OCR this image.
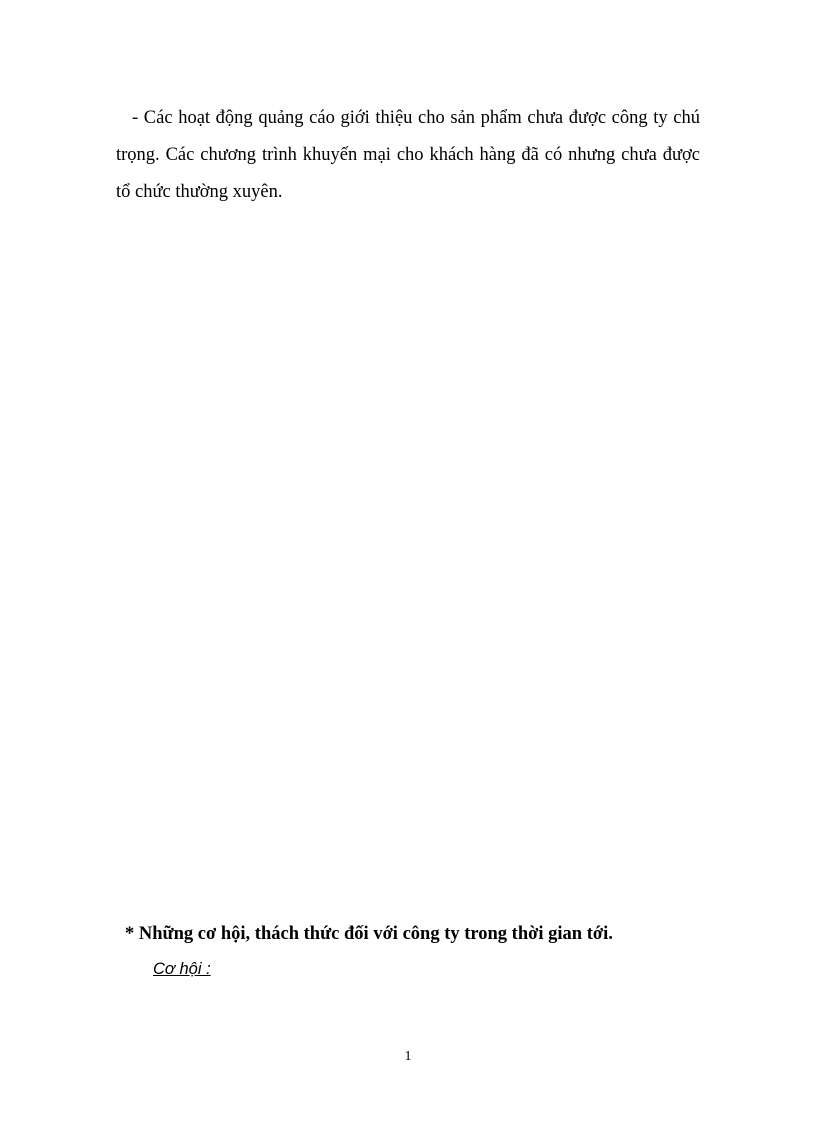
- Các hoạt động quảng cáo giới thiệu cho sản phẩm chưa được công ty chú
trọng. Các chương trình khuyến mại cho khách hàng đã có nhưng chưa được
tổ chức thường xuyên.
* Những cơ hội, thách thức đối với công ty trong thời gian tới.
Cơ hội :
1
